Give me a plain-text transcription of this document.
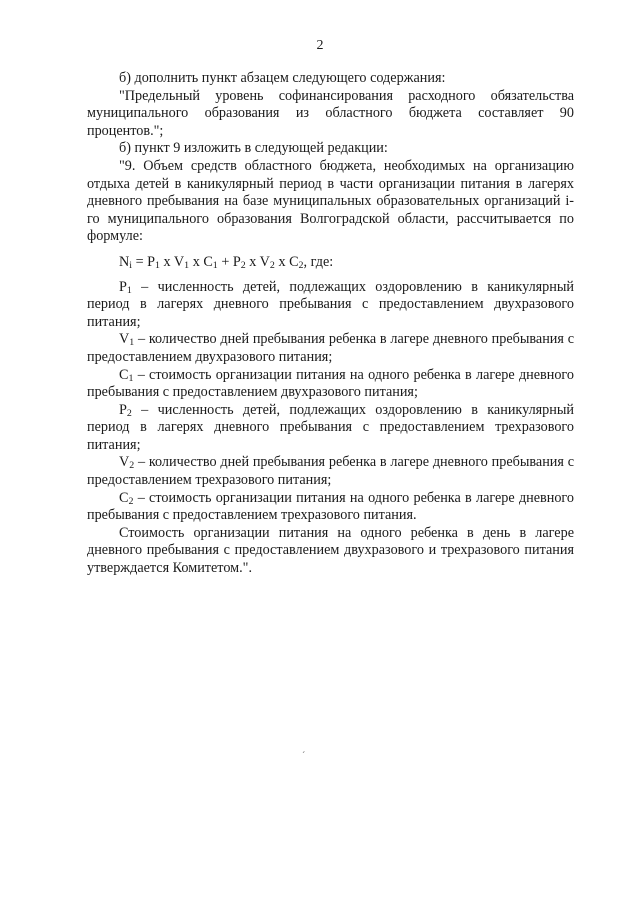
2

б) дополнить пункт абзацем следующего содержания:

"Предельный уровень софинансирования расходного обязательства муниципального образования из областного бюджета составляет 90 процентов.";

б) пункт 9 изложить в следующей редакции:

"9. Объем средств областного бюджета, необходимых на организацию отдыха детей в каникулярный период в части организации питания в лагерях дневного пребывания на базе муниципальных образовательных организаций i-го муниципального образования Волгоградской области, рассчитывается по формуле:

$N_i = P_1$ x $V_1$ x $C_1 + P_2$ x $V_2$ x $C_2$, где:

$P_1$ – численность детей, подлежащих оздоровлению в каникулярный период в лагерях дневного пребывания с предоставлением двухразового питания;

$V_1$ – количество дней пребывания ребенка в лагере дневного пребывания с предоставлением двухразового питания;

$C_1$ – стоимость организации питания на одного ребенка в лагере дневного пребывания с предоставлением двухразового питания;

$P_2$ – численность детей, подлежащих оздоровлению в каникулярный период в лагерях дневного пребывания с предоставлением трехразового питания;

$V_2$ – количество дней пребывания ребенка в лагере дневного пребывания с предоставлением трехразового питания;

$C_2$ – стоимость организации питания на одного ребенка в лагере дневного пребывания с предоставлением трехразового питания.

Стоимость организации питания на одного ребенка в день в лагере дневного пребывания с предоставлением двухразового и трехразового питания утверждается Комитетом.".

´
